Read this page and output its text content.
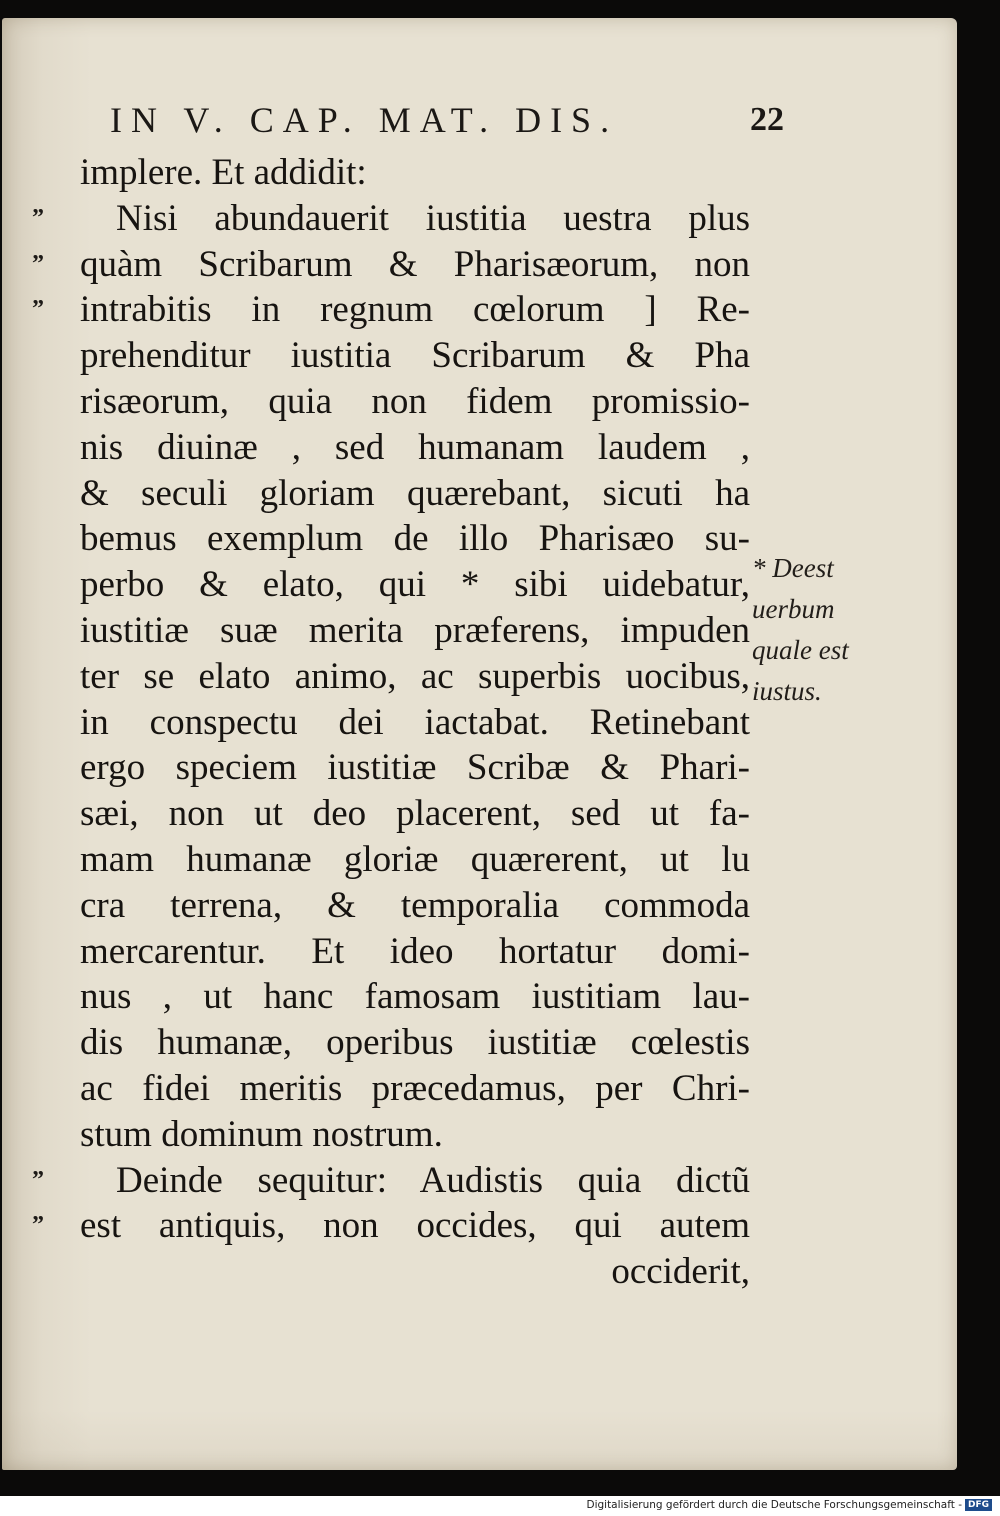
IN V. CAP. MAT. DIS.	22
implere. Et addidit:
” Nisi abundauerit iustitia uestra plus
” quàm Scribarum & Pharisæorum, non
” intrabitis in regnum cœlorum ] Re-
prehenditur iustitia Scribarum & Pha
risæorum, quia non fidem promissio-
nis diuinæ , sed humanam laudem ,
& seculi gloriam quærebant, sicuti ha
bemus exemplum de illo Pharisæo su-
perbo & elato, qui * sibi uidebatur,
iustitiæ suæ merita præferens, impuden
ter se elato animo, ac superbis uocibus,
in conspectu dei iactabat. Retinebant
ergo speciem iustitiæ Scribæ & Phari-
sæi, non ut deo placerent, sed ut fa-
mam humanæ gloriæ quærerent, ut lu
cra terrena, & temporalia commoda
mercarentur. Et ideo hortatur domi-
nus , ut hanc famosam iustitiam lau-
dis humanæ, operibus iustitiæ cœlestis
ac fidei meritis præcedamus, per Chri-
stum dominum nostrum.
” Deinde sequitur: Audistis quia dictũ
” est antiquis, non occides, qui autem
occiderit,
* Deest
uerbum
quale est
iustus.
Digitalisierung gefördert durch die Deutsche Forschungsgemeinschaft - DFG
